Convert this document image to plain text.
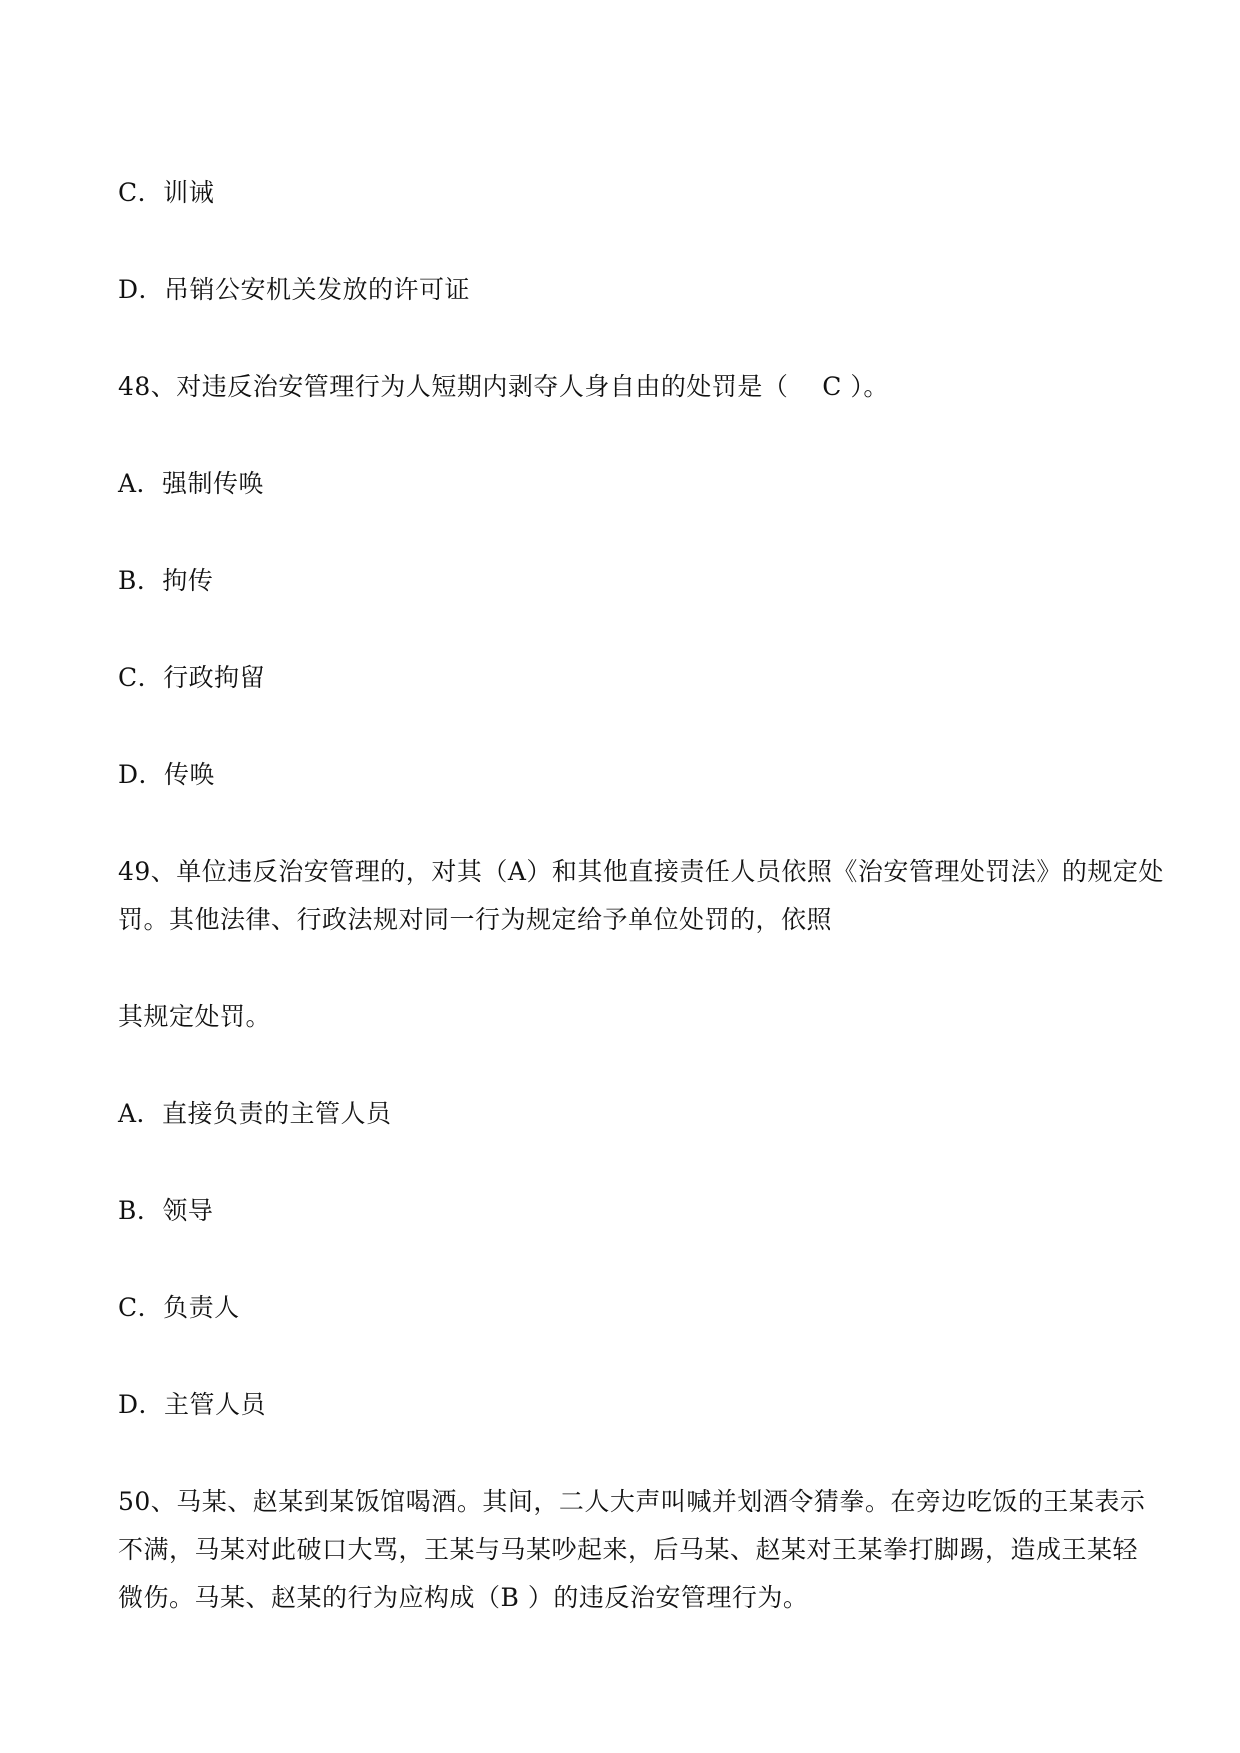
C．训诫
D．吊销公安机关发放的许可证
48、对违反治安管理行为人短期内剥夺人身自由的处罚是（　 C ）。
A．强制传唤
B．拘传
C．行政拘留
D．传唤
49、单位违反治安管理的，对其（A）和其他直接责任人员依照《治安管理处罚法》的规定处
罚。其他法律、行政法规对同一行为规定给予单位处罚的，依照
其规定处罚。
A．直接负责的主管人员
B．领导
C．负责人
D．主管人员
50、马某、赵某到某饭馆喝酒。其间，二人大声叫喊并划酒令猜拳。在旁边吃饭的王某表示
不满，马某对此破口大骂，王某与马某吵起来，后马某、赵某对王某拳打脚踢，造成王某轻
微伤。马某、赵某的行为应构成（B ）的违反治安管理行为。
